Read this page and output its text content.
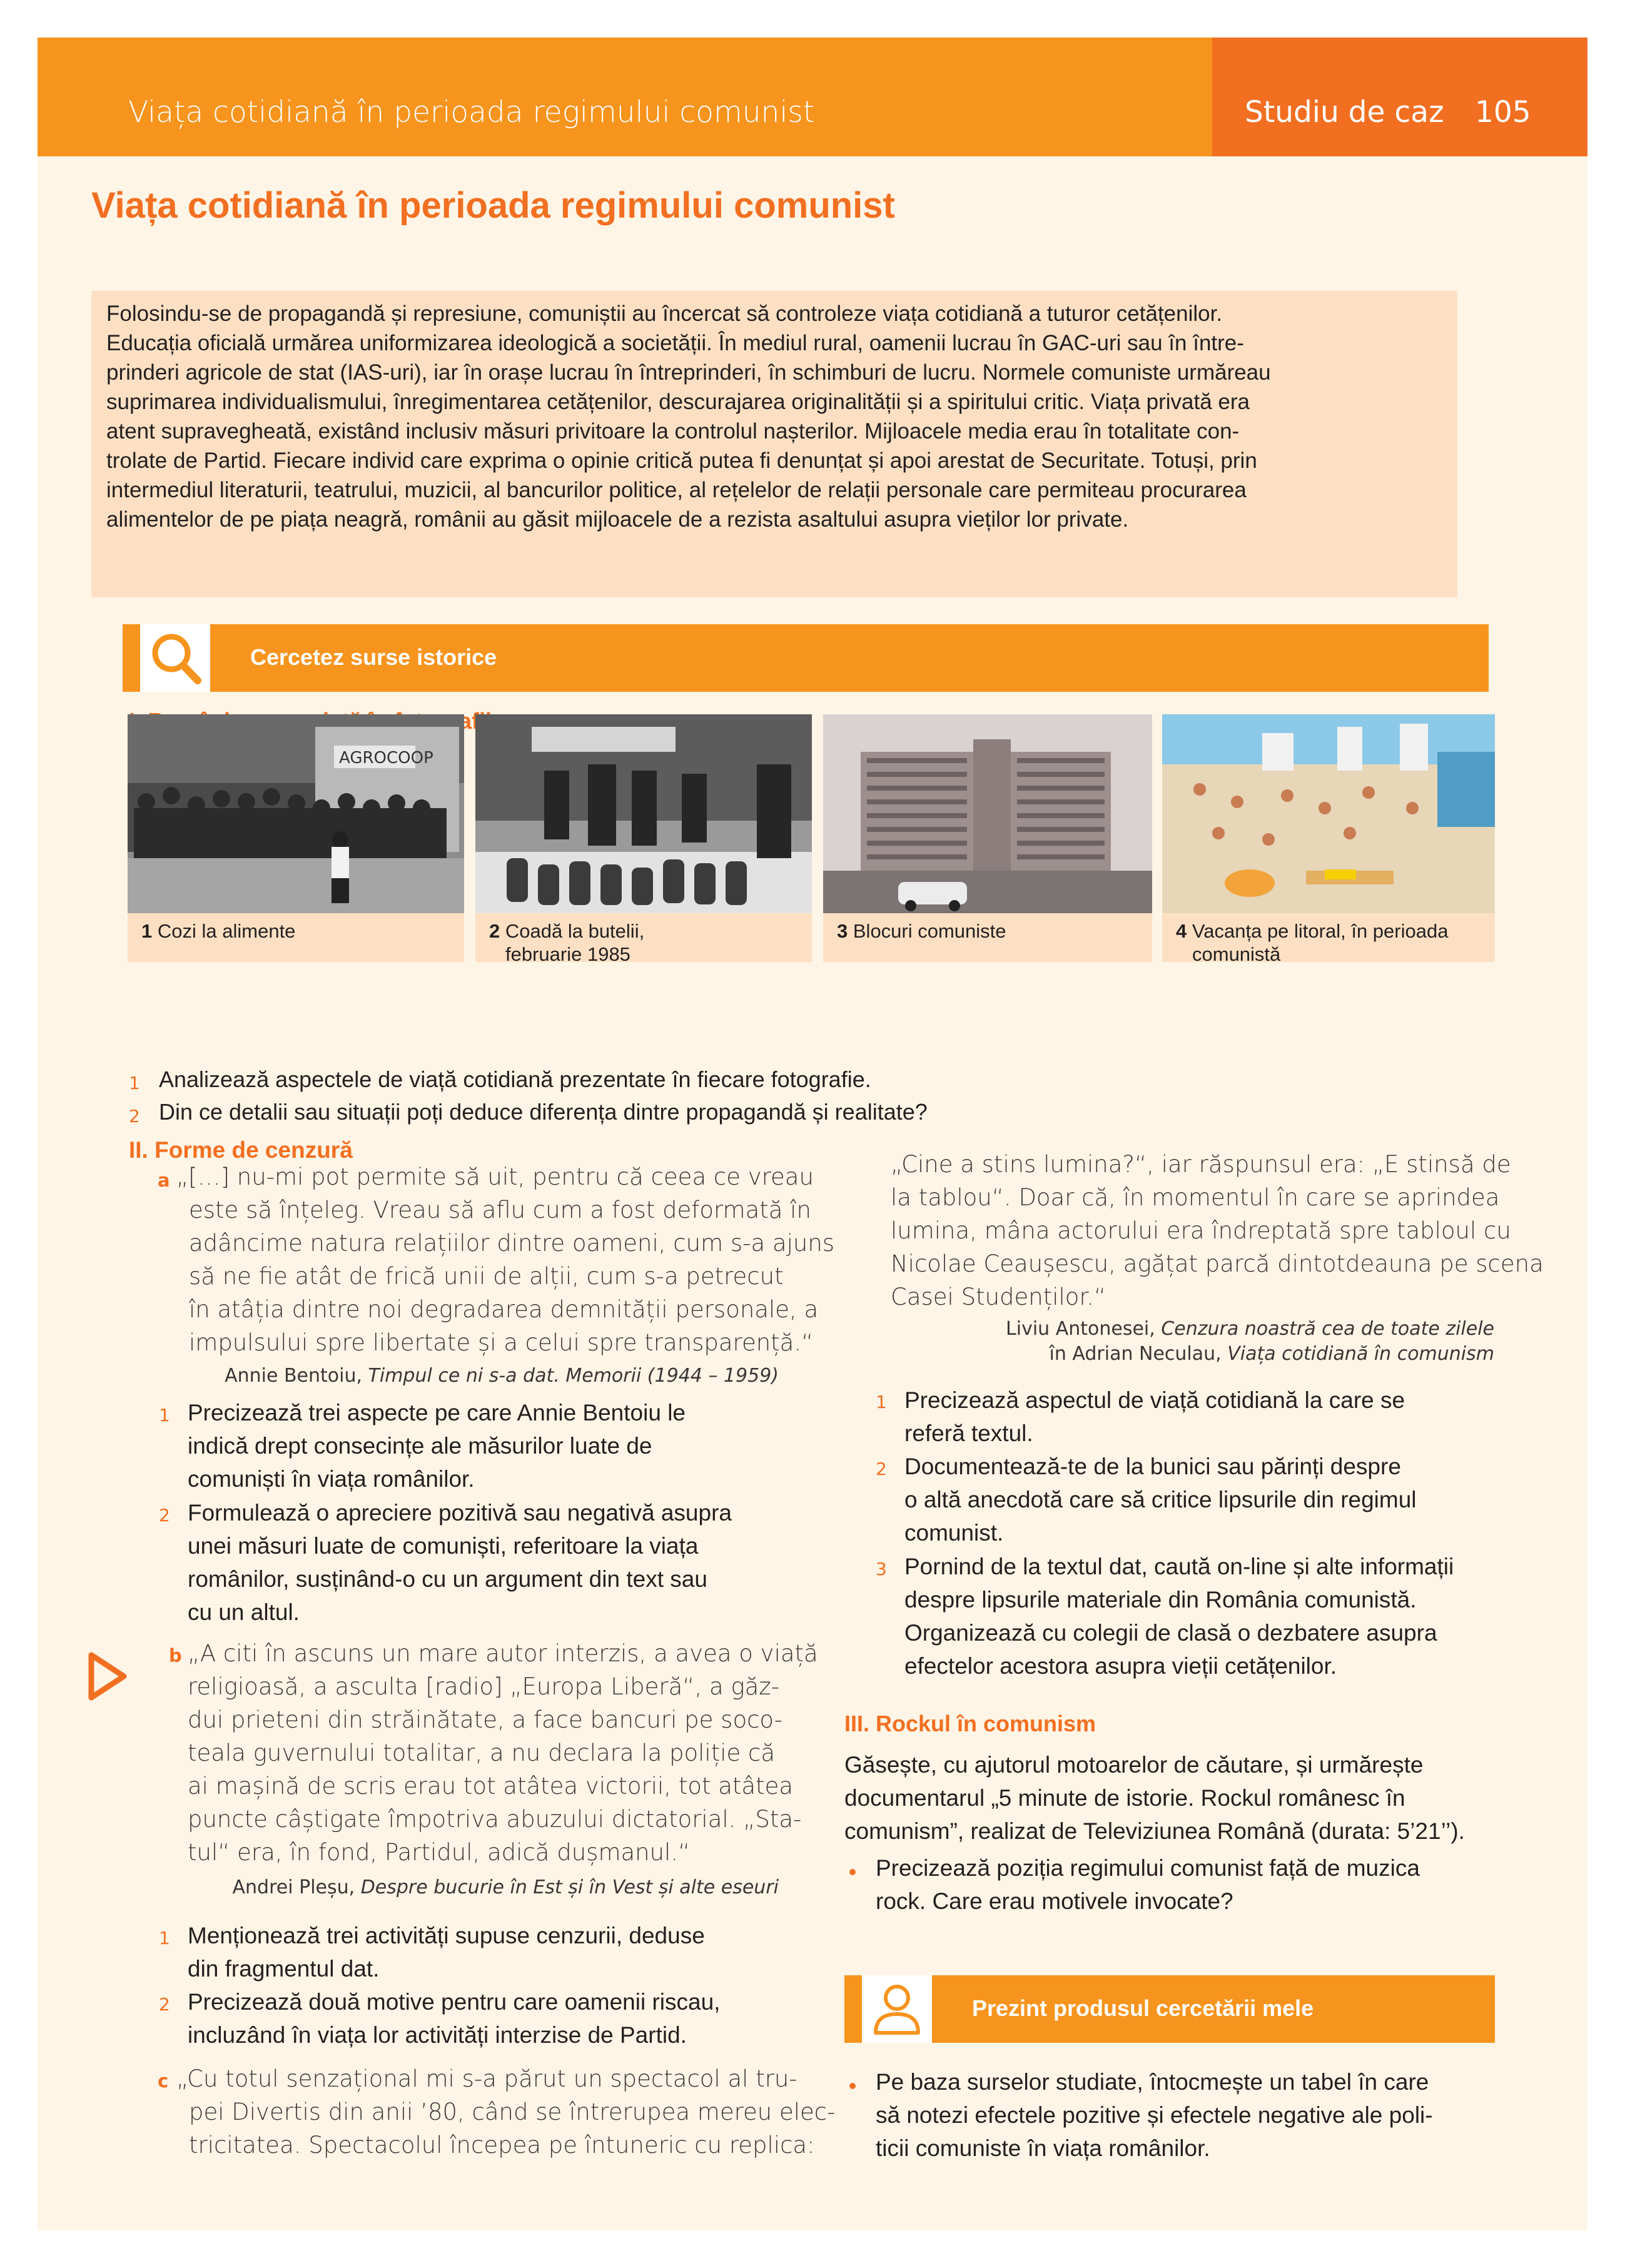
Viața cotidiană în perioada regimului comunist	Studiu de caz 105

Viața cotidiană în perioada regimului comunist

Folosindu-se de propagandă și represiune, comuniștii au încercat să controleze viața cotidiană a tuturor cetățenilor.
Educația oficială urmărea uniformizarea ideologică a societății. În mediul rural, oamenii lucrau în GAC-uri sau în între-
prinderi agricole de stat (IAS-uri), iar în orașe lucrau în întreprinderi, în schimburi de lucru. Normele comuniste urmăreau
suprimarea individualismului, înregimentarea cetățenilor, descurajarea originalității și a spiritului critic. Viața privată era
atent supravegheată, existând inclusiv măsuri privitoare la controlul nașterilor. Mijloacele media erau în totalitate con-
trolate de Partid. Fiecare individ care exprima o opinie critică putea fi denunțat și apoi arestat de Securitate. Totuși, prin
intermediul literaturii, teatrului, muzicii, al bancurilor politice, al rețelelor de relații personale care permiteau procurarea
alimentelor de pe piața neagră, românii au găsit mijloacele de a rezista asaltului asupra vieților lor private.

Cercetez surse istorice

AGROCOOP
1 Cozi la alimente	2 Coadă la butelii,
februarie 1985
3 Blocuri comuniste	4 Vacanța pe litoral, în perioada
comunistă
1 Analizează aspectele de viață cotidiană prezentate în fiecare fotografie.

2 Din ce detalii sau situații poți deduce diferența dintre propagandă și realitate?

II. Forme de cenzură

a „[…] nu-mi pot permite să uit, pentru că ceea ce vreau
este să înțeleg. Vreau să aflu cum a fost deformată în
adâncime natura relațiilor dintre oameni, cum s-a ajuns
să ne fie atât de frică unii de alții, cum s-a petrecut
în atâția dintre noi degradarea demnității personale, a
impulsului spre libertate și a celui spre transparență.“
Annie Bentoiu, Timpul ce ni s-a dat. Memorii (1944 – 1959)
1 Precizează trei aspecte pe care Annie Bentoiu le
indică drept consecințe ale măsurilor luate de
comuniști în viața românilor.
2 Formulează o apreciere pozitivă sau negativă asupra
unei măsuri luate de comuniști, referitoare la viața
românilor, susținând-o cu un argument din text sau
cu un altul.
b „A citi în ascuns un mare autor interzis, a avea o viață
religioasă, a asculta [radio] „Europa Liberă“, a găz-
dui prieteni din străinătate, a face bancuri pe soco-
teala guvernului totalitar, a nu declara la poliție că
ai mașină de scris erau tot atâtea victorii, tot atâtea
puncte câștigate împotriva abuzului dictatorial. „Sta-
tul“ era, în fond, Partidul, adică dușmanul.“
Andrei Pleșu, Despre bucurie în Est și în Vest și alte eseuri
1 Menționează trei activități supuse cenzurii, deduse
din fragmentul dat.
2 Precizează două motive pentru care oamenii riscau,
incluzând în viața lor activități interzise de Partid.
c „Cu totul senzațional mi s-a părut un spectacol al tru-
pei Divertis din anii ’80, când se întrerupea mereu elec-
tricitatea. Spectacolul începea pe întuneric cu replica:
„Cine a stins lumina?“, iar răspunsul era: „E stinsă de
la tablou“. Doar că, în momentul în care se aprindea
lumina, mâna actorului era îndreptată spre tabloul cu
Nicolae Ceaușescu, agățat parcă dintotdeauna pe scena
Casei Studenților.“
Liviu Antonesei, Cenzura noastră cea de toate zilele
în Adrian Neculau, Viața cotidiană în comunism
1 Precizează aspectul de viață cotidiană la care se
referă textul.
2 Documentează-te de la bunici sau părinți despre
o altă anecdotă care să critice lipsurile din regimul
comunist.
3 Pornind de la textul dat, caută on-line și alte informații
despre lipsurile materiale din România comunistă.
Organizează cu colegii de clasă o dezbatere asupra
efectelor acestora asupra vieții cetățenilor.

III. Rockul în comunism

Găsește, cu ajutorul motoarelor de căutare, și urmărește
documentarul „5 minute de istorie. Rockul românesc în
comunism”, realizat de Televiziunea Română (durata: 5’21’’).
Precizează poziția regimului comunist față de muzica
rock. Care erau motivele invocate?

Prezint produsul cercetării mele

Pe baza surselor studiate, întocmește un tabel în care
să notezi efectele pozitive și efectele negative ale poli-
ticii comuniste în viața românilor.
